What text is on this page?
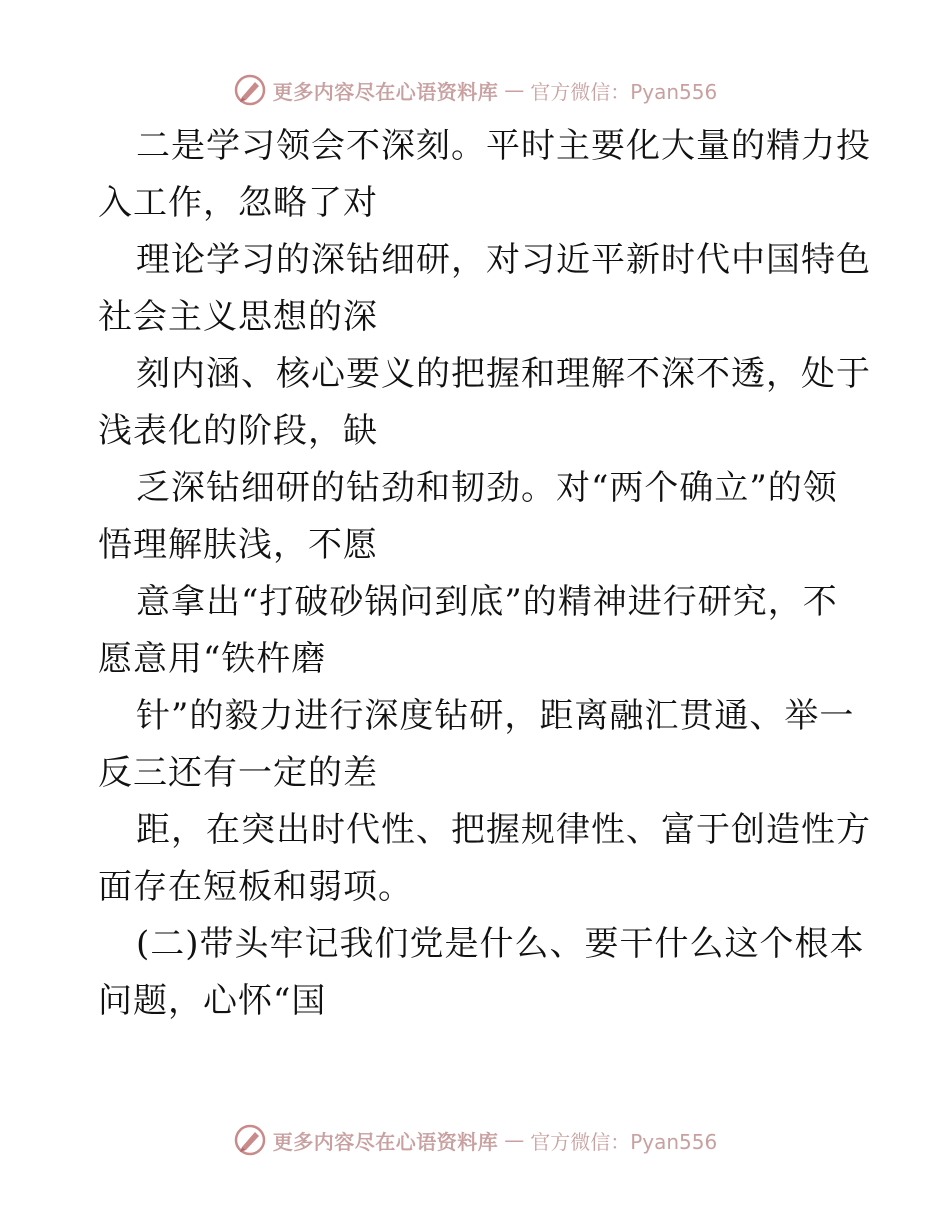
更多内容尽在心语资料库 — 官方微信：Pyan556

二是学习领会不深刻。平时主要化大量的精力投

入工作，忽略了对

理论学习的深钻细研，对习近平新时代中国特色

社会主义思想的深

刻内涵、核心要义的把握和理解不深不透，处于

浅表化的阶段，缺

乏深钻细研的钻劲和韧劲。对“两个确立”的领

悟理解肤浅，不愿

意拿出“打破砂锅问到底”的精神进行研究，不

愿意用“铁杵磨

针”的毅力进行深度钻研，距离融汇贯通、举一

反三还有一定的差

距，在突出时代性、把握规律性、富于创造性方

面存在短板和弱项。

(二)带头牢记我们党是什么、要干什么这个根本

问题，心怀“国

更多内容尽在心语资料库 — 官方微信：Pyan556
